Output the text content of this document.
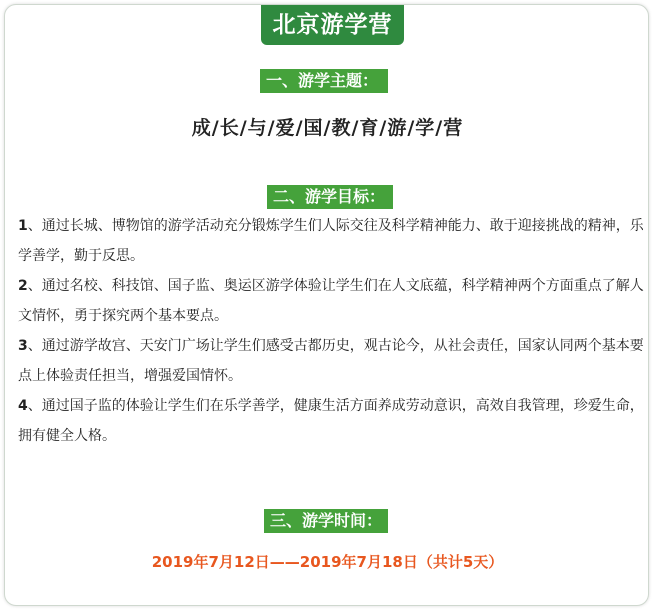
北京游学营
一、游学主题：
成/长/与/爱/国/教/育/游/学/营
二、游学目标：
1、通过长城、博物馆的游学活动充分锻炼学生们人际交往及科学精神能力、敢于迎接挑战的精神，乐学善学，勤于反思。
2、通过名校、科技馆、国子监、奥运区游学体验让学生们在人文底蕴，科学精神两个方面重点了解人文情怀，勇于探究两个基本要点。
3、通过游学故宫、天安门广场让学生们感受古都历史，观古论今，从社会责任，国家认同两个基本要点上体验责任担当，增强爱国情怀。
4、通过国子监的体验让学生们在乐学善学，健康生活方面养成劳动意识，高效自我管理，珍爱生命，拥有健全人格。
三、游学时间：
2019年7月12日——2019年7月18日（共计5天）
